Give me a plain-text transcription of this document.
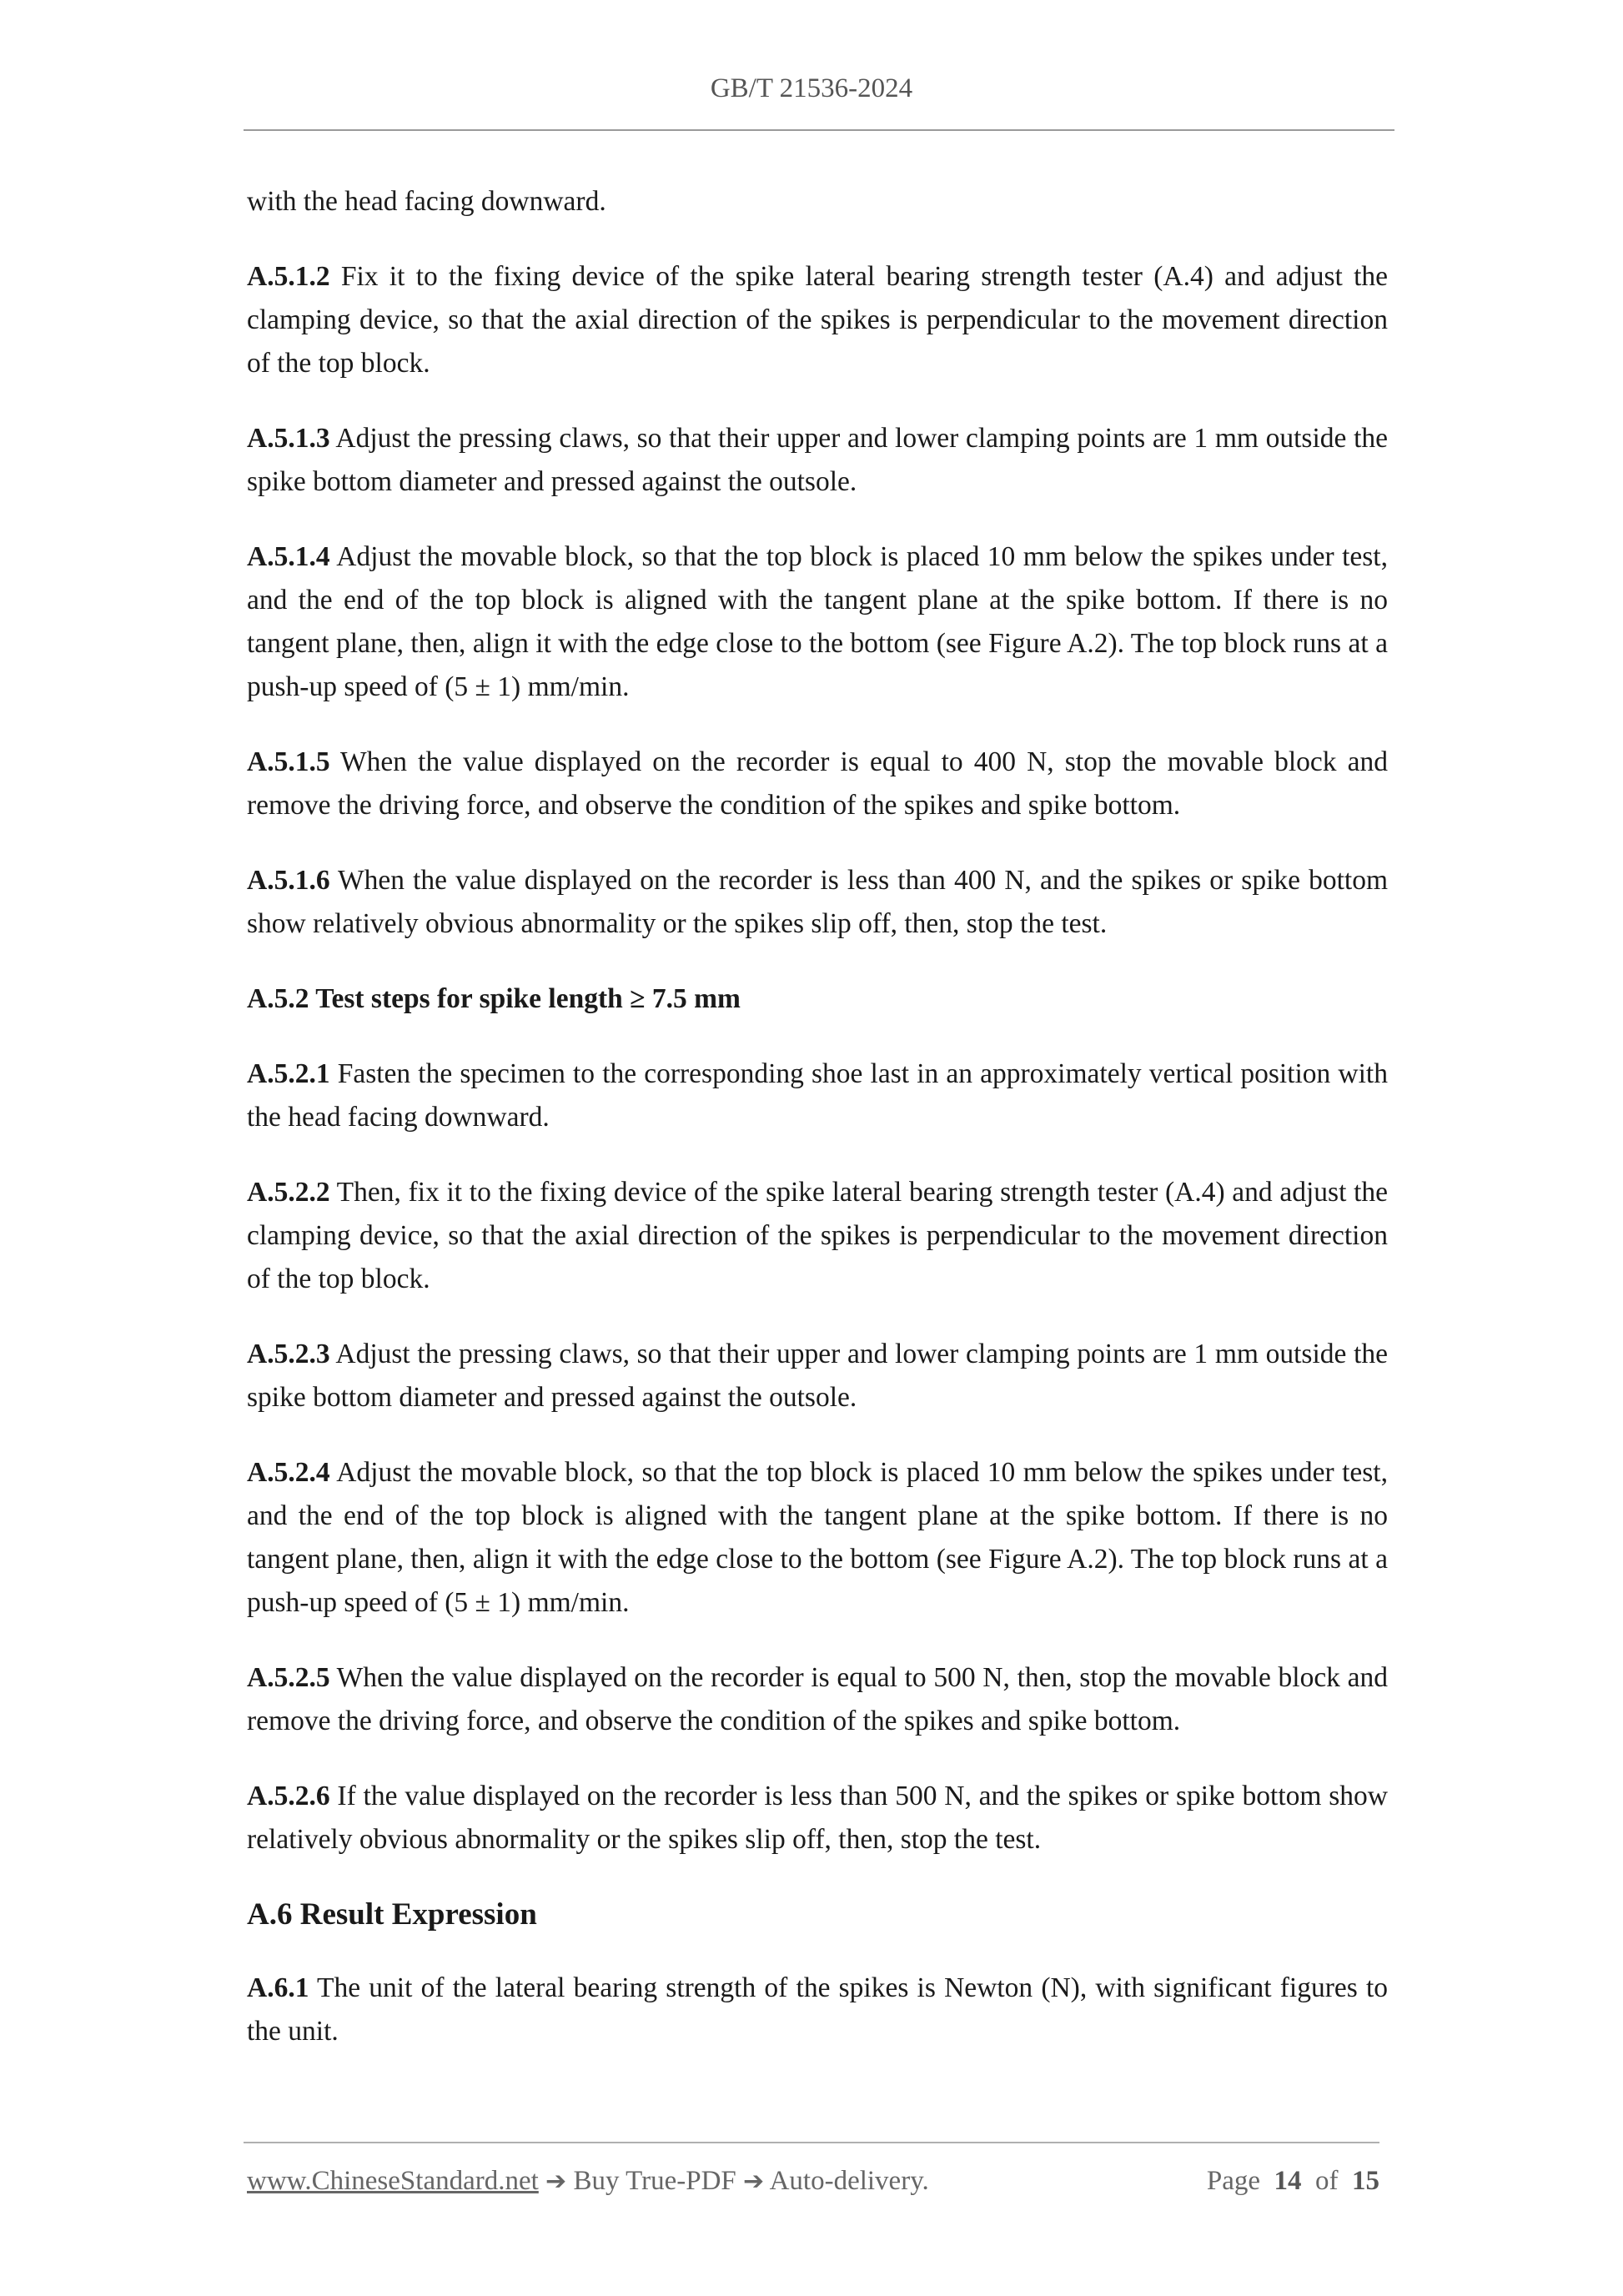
GB/T 21536-2024

with the head facing downward.

A.5.1.2 Fix it to the fixing device of the spike lateral bearing strength tester (A.4) and adjust the clamping device, so that the axial direction of the spikes is perpendicular to the movement direction of the top block.

A.5.1.3 Adjust the pressing claws, so that their upper and lower clamping points are 1 mm outside the spike bottom diameter and pressed against the outsole.

A.5.1.4 Adjust the movable block, so that the top block is placed 10 mm below the spikes under test, and the end of the top block is aligned with the tangent plane at the spike bottom. If there is no tangent plane, then, align it with the edge close to the bottom (see Figure A.2). The top block runs at a push-up speed of (5 ± 1) mm/min.

A.5.1.5 When the value displayed on the recorder is equal to 400 N, stop the movable block and remove the driving force, and observe the condition of the spikes and spike bottom.

A.5.1.6 When the value displayed on the recorder is less than 400 N, and the spikes or spike bottom show relatively obvious abnormality or the spikes slip off, then, stop the test.

A.5.2 Test steps for spike length ≥ 7.5 mm

A.5.2.1 Fasten the specimen to the corresponding shoe last in an approximately vertical position with the head facing downward.

A.5.2.2 Then, fix it to the fixing device of the spike lateral bearing strength tester (A.4) and adjust the clamping device, so that the axial direction of the spikes is perpendicular to the movement direction of the top block.

A.5.2.3 Adjust the pressing claws, so that their upper and lower clamping points are 1 mm outside the spike bottom diameter and pressed against the outsole.

A.5.2.4 Adjust the movable block, so that the top block is placed 10 mm below the spikes under test, and the end of the top block is aligned with the tangent plane at the spike bottom. If there is no tangent plane, then, align it with the edge close to the bottom (see Figure A.2). The top block runs at a push-up speed of (5 ± 1) mm/min.

A.5.2.5 When the value displayed on the recorder is equal to 500 N, then, stop the movable block and remove the driving force, and observe the condition of the spikes and spike bottom.

A.5.2.6 If the value displayed on the recorder is less than 500 N, and the spikes or spike bottom show relatively obvious abnormality or the spikes slip off, then, stop the test.

A.6 Result Expression

A.6.1 The unit of the lateral bearing strength of the spikes is Newton (N), with significant figures to the unit.

www.ChineseStandard.net ➔ Buy True-PDF ➔ Auto-delivery.	Page 14 of 15
